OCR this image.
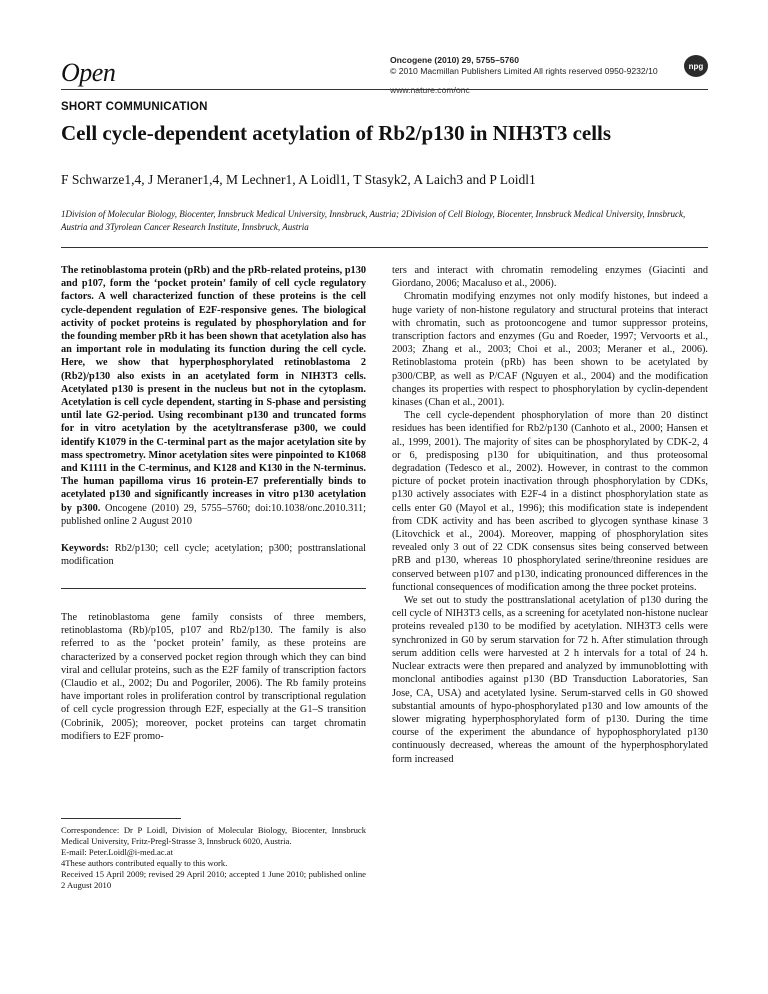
Open	Oncogene (2010) 29, 5755–5760
© 2010 Macmillan Publishers Limited All rights reserved 0950-9232/10
www.nature.com/onc
npg
SHORT COMMUNICATION
Cell cycle-dependent acetylation of Rb2/p130 in NIH3T3 cells
F Schwarze1,4, J Meraner1,4, M Lechner1, A Loidl1, T Stasyk2, A Laich3 and P Loidl1
1Division of Molecular Biology, Biocenter, Innsbruck Medical University, Innsbruck, Austria; 2Division of Cell Biology, Biocenter, Innsbruck Medical University, Innsbruck, Austria and 3Tyrolean Cancer Research Institute, Innsbruck, Austria
The retinoblastoma protein (pRb) and the pRb-related proteins, p130 and p107, form the ‘pocket protein’ family of cell cycle regulatory factors. A well characterized function of these proteins is the cell cycle-dependent regulation of E2F-responsive genes. The biological activity of pocket proteins is regulated by phosphorylation and for the founding member pRb it has been shown that acetylation also has an important role in modulating its function during the cell cycle. Here, we show that hyperphosphorylated retinoblastoma 2 (Rb2)/p130 also exists in an acetylated form in NIH3T3 cells. Acetylated p130 is present in the nucleus but not in the cytoplasm. Acetylation is cell cycle dependent, starting in S-phase and persisting until late G2-period. Using recombinant p130 and truncated forms for in vitro acetylation by the acetyltransferase p300, we could identify K1079 in the C-terminal part as the major acetylation site by mass spectrometry. Minor acetylation sites were pinpointed to K1068 and K1111 in the C-terminus, and K128 and K130 in the N-terminus. The human papilloma virus 16 protein-E7 preferentially binds to acetylated p130 and significantly increases in vitro p130 acetylation by p300. Oncogene (2010) 29, 5755–5760; doi:10.1038/onc.2010.311; published online 2 August 2010
Keywords: Rb2/p130; cell cycle; acetylation; p300; posttranslational modification

The retinoblastoma gene family consists of three members, retinoblastoma (Rb)/p105, p107 and Rb2/p130. The family is also referred to as the ‘pocket protein’ family, as these proteins are characterized by a conserved pocket region through which they can bind viral and cellular proteins, such as the E2F family of transcription factors (Claudio et al., 2002; Du and Pogoriler, 2006). The Rb family proteins have important roles in proliferation control by transcriptional regulation of cell cycle progression through E2F, especially at the G1–S transition (Cobrinik, 2005); moreover, pocket proteins can target chromatin modifiers to E2F promo-

Correspondence: Dr P Loidl, Division of Molecular Biology, Biocenter, Innsbruck Medical University, Fritz-Pregl-Strasse 3, Innsbruck 6020, Austria.
E-mail: Peter.Loidl@i-med.ac.at
4These authors contributed equally to this work.
Received 15 April 2009; revised 29 April 2010; accepted 1 June 2010; published online 2 August 2010

ters and interact with chromatin remodeling enzymes (Giacinti and Giordano, 2006; Macaluso et al., 2006).

Chromatin modifying enzymes not only modify histones, but indeed a huge variety of non-histone regulatory and structural proteins that interact with chromatin, such as protooncogene and tumor suppressor proteins, transcription factors and enzymes (Gu and Roeder, 1997; Vervoorts et al., 2003; Zhang et al., 2003; Choi et al., 2003; Meraner et al., 2006). Retinoblastoma protein (pRb) has been shown to be acetylated by p300/CBP, as well as P/CAF (Nguyen et al., 2004) and the modification changes its properties with respect to phosphorylation by cyclin-dependent kinases (Chan et al., 2001).

The cell cycle-dependent phosphorylation of more than 20 distinct residues has been identified for Rb2/p130 (Canhoto et al., 2000; Hansen et al., 1999, 2001). The majority of sites can be phosphorylated by CDK-2, 4 or 6, predisposing p130 for ubiquitination, and thus proteosomal degradation (Tedesco et al., 2002). However, in contrast to the common picture of pocket protein inactivation through phosphorylation by CDKs, p130 actively associates with E2F-4 in a distinct phosphorylation state as cells enter G0 (Mayol et al., 1996); this modification state is independent from CDK activity and has been ascribed to glycogen synthase kinase 3 (Litovchick et al., 2004). Moreover, mapping of phosphorylation sites revealed only 3 out of 22 CDK consensus sites being conserved between pRB and p130, whereas 10 phosphorylated serine/threonine residues are conserved between p107 and p130, indicating pronounced differences in the functional consequences of modification among the three pocket proteins.

We set out to study the posttranslational acetylation of p130 during the cell cycle of NIH3T3 cells, as a screening for acetylated non-histone nuclear proteins revealed p130 to be modified by acetylation. NIH3T3 cells were synchronized in G0 by serum starvation for 72 h. After stimulation through serum addition cells were harvested at 2 h intervals for a total of 24 h. Nuclear extracts were then prepared and analyzed by immunoblotting with monclonal antibodies against p130 (BD Transduction Laboratories, San Jose, CA, USA) and acetylated lysine. Serum-starved cells in G0 showed substantial amounts of hypo-phosphorylated p130 and low amounts of the slower migrating hyperphosphorylated form of p130. During the time course of the experiment the abundance of hypophosphorylated p130 continuously decreased, whereas the amount of the hyperphosphorylated form increased
